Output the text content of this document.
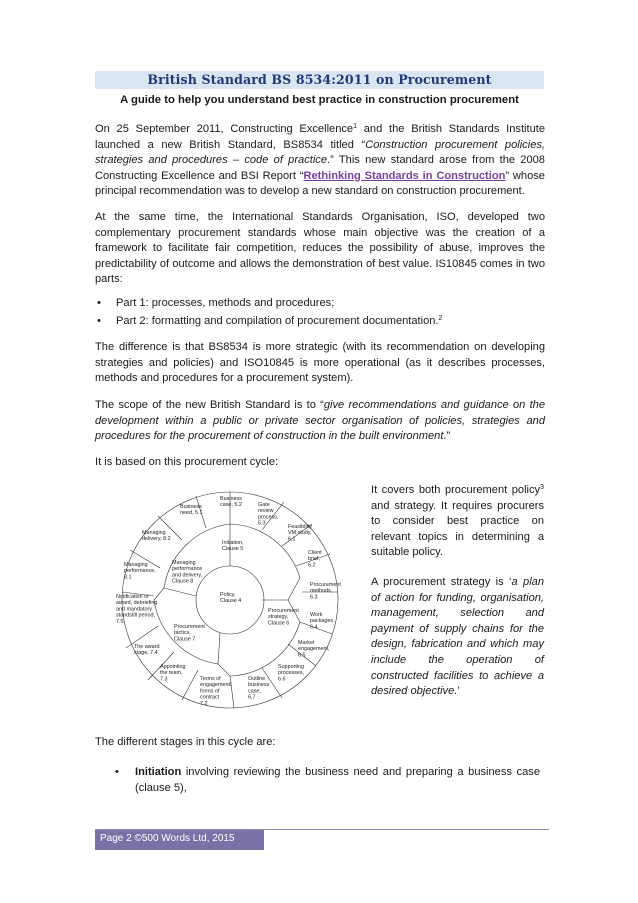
British Standard BS 8534:2011 on Procurement
A guide to help you understand best practice in construction procurement

On 25 September 2011, Constructing Excellence$^1$ and the British Standards Institute launched a new British Standard, BS8534 titled “Construction procurement policies, strategies and procedures – code of practice.” This new standard arose from the 2008 Constructing Excellence and BSI Report “Rethinking Standards in Construction” whose principal recommendation was to develop a new standard on construction procurement.

At the same time, the International Standards Organisation, ISO, developed two complementary procurement standards whose main objective was the creation of a framework to facilitate fair competition, reduces the possibility of abuse, improves the predictability of outcome and allows the demonstration of best value. IS10845 comes in two parts:

• Part 1: processes, methods and procedures;
• Part 2: formatting and compilation of procurement documentation.$^2$

The difference is that BS8534 is more strategic (with its recommendation on developing strategies and policies) and ISO10845 is more operational (as it describes processes, methods and procedures for a procurement system).

The scope of the new British Standard is to “give recommendations and guidance on the development within a public or private sector organisation of policies, strategies and procedures for the procurement of construction in the built environment.”

It is based on this procurement cycle:

Policy, Clause 4
Initiation, Clause 5
Managing performance and delivery, Clause 8
Procurement tactics, Clause 7
Procurement strategy, Clause 6
Business case, 5.2	Gate review process, 5.3
Feasibility VM study, 6.1
Client brief, 6.2
Procurement methods, 6.3
Work packages, 6.4
Market engagement, 6.5
Supporting processes, 6.6
Outline business case, 6.7
Terms of engagement/ forms of contract 7.2
Appointing the team, 7.3
The award stage, 7.4
Notification of award, debriefing and mandatory standstill period, 7.5
Managing performance, 8.1
Managing delivery, 8.2
Business need, 5.1

It covers both procurement policy$^3$ and strategy. It requires procurers to consider best practice on relevant topics in determining a suitable policy.

A procurement strategy is ‘a plan of action for funding, organisation, management, selection and payment of supply chains for the design, fabrication and which may include the operation of constructed facilities to achieve a desired objective.’

The different stages in this cycle are:

• Initiation involving reviewing the business need and preparing a business case (clause 5),
Page 2 ©500 Words Ltd, 2015
